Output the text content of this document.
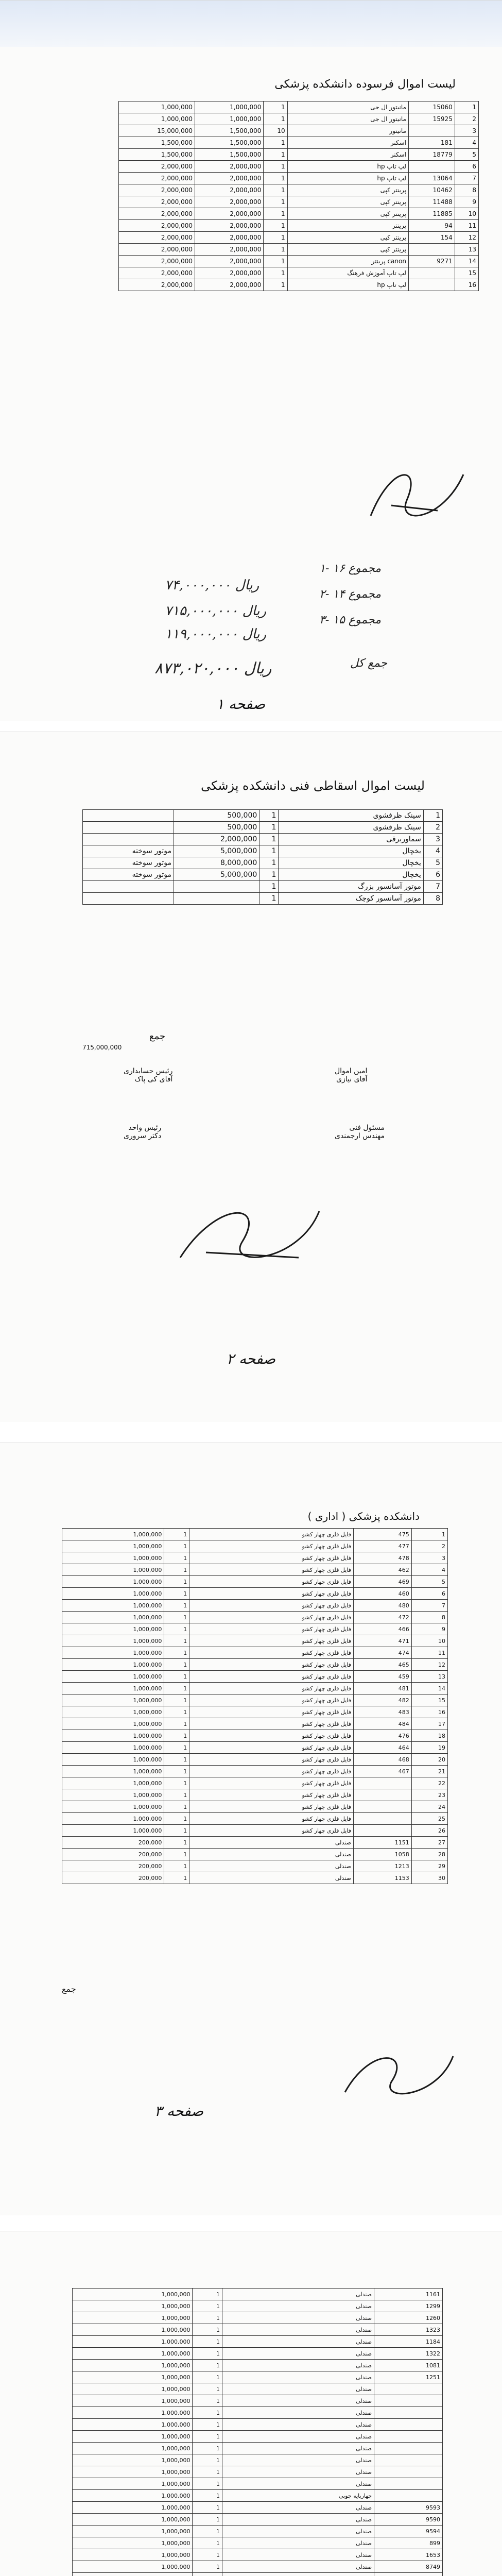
لیست اموال فرسوده دانشکده پزشکی
1	15060	مانیتور ال جی	1	1,000,000	1,000,000
2	15925	مانیتور ال جی	1	1,000,000	1,000,000
3		مانیتور	10	1,500,000	15,000,000
4	181	اسکنر	1	1,500,000	1,500,000
5	18779	اسکنر	1	1,500,000	1,500,000
6		لپ تاپ hp	1	2,000,000	2,000,000
7	13064	لپ تاپ hp	1	2,000,000	2,000,000
8	10462	پرینتر کپی	1	2,000,000	2,000,000
9	11488	پرینتر کپی	1	2,000,000	2,000,000
10	11885	پرینتر کپی	1	2,000,000	2,000,000
11	94	پرینتر	1	2,000,000	2,000,000
12	154	پرینتر کپی	1	2,000,000	2,000,000
13		پرینتر کپی	1	2,000,000	2,000,000
14	9271	canon پرینتر	1	2,000,000	2,000,000
15		لپ تاپ آموزش فرهنگ	1	2,000,000	2,000,000
16		لپ تاپ hp	1	2,000,000	2,000,000
۷۴,۰۰۰,۰۰۰ ریال
۱- مجموع ۱۶
۷۱۵,۰۰۰,۰۰۰ ریال
۲- مجموع ۱۴
۱۱۹,۰۰۰,۰۰۰ ریال
۳- مجموع ۱۵
۸۷۳,۰۲۰,۰۰۰ ریال	جمع کل
صفحه ۱
لیست اموال اسقاطی فنی دانشکده پزشکی
1	سینک ظرفشوی	1	500,000	
2	سینک ظرفشوی	1	500,000	
3	سماوربرقی	1	2,000,000	
4	یخچال	1	5,000,000	موتور سوخته
5	یخچال	1	8,000,000	موتور سوخته
6	یخچال	1	5,000,000	موتور سوخته
7	موتور آسانسور بزرگ	1		
8	موتور آسانسور کوچک	1		
جمع
715,000,000
امین اموال
آقای نیازی
رئیس حسابداری
آقای کی پاک
مسئول فنی
مهندس ارجمندی
رئیس واحد
دکتر سروری
صفحه ۲
دانشکده پزشکی ( اداری )
1	475	فایل فلزی چهار کشو	1	1,000,000
2	477	فایل فلزی چهار کشو	1	1,000,000
3	478	فایل فلزی چهار کشو	1	1,000,000
4	462	فایل فلزی چهار کشو	1	1,000,000
5	469	فایل فلزی چهار کشو	1	1,000,000
6	460	فایل فلزی چهار کشو	1	1,000,000
7	480	فایل فلزی چهار کشو	1	1,000,000
8	472	فایل فلزی چهار کشو	1	1,000,000
9	466	فایل فلزی چهار کشو	1	1,000,000
10	471	فایل فلزی چهار کشو	1	1,000,000
11	474	فایل فلزی چهار کشو	1	1,000,000
12	465	فایل فلزی چهار کشو	1	1,000,000
13	459	فایل فلزی چهار کشو	1	1,000,000
14	481	فایل فلزی چهار کشو	1	1,000,000
15	482	فایل فلزی چهار کشو	1	1,000,000
16	483	فایل فلزی چهار کشو	1	1,000,000
17	484	فایل فلزی چهار کشو	1	1,000,000
18	476	فایل فلزی چهار کشو	1	1,000,000
19	464	فایل فلزی چهار کشو	1	1,000,000
20	468	فایل فلزی چهار کشو	1	1,000,000
21	467	فایل فلزی چهار کشو	1	1,000,000
22		فایل فلزی چهار کشو	1	1,000,000
23		فایل فلزی چهار کشو	1	1,000,000
24		فایل فلزی چهار کشو	1	1,000,000
25		فایل فلزی چهار کشو	1	1,000,000
26		فایل فلزی چهار کشو	1	1,000,000
27	1151	صندلی	1	200,000
28	1058	صندلی	1	200,000
29	1213	صندلی	1	200,000
30	1153	صندلی	1	200,000
جمع
صفحه ۳
1161	صندلی	1	1,000,000
1299	صندلی	1	1,000,000
1260	صندلی	1	1,000,000
1323	صندلی	1	1,000,000
1184	صندلی	1	1,000,000
1322	صندلی	1	1,000,000
1081	صندلی	1	1,000,000
1251	صندلی	1	1,000,000
	صندلی	1	1,000,000
	صندلی	1	1,000,000
	صندلی	1	1,000,000
	صندلی	1	1,000,000
	صندلی	1	1,000,000
	صندلی	1	1,000,000
	صندلی	1	1,000,000
	صندلی	1	1,000,000
	صندلی	1	1,000,000
	چهارپایه چوبی	1	1,000,000
9593	صندلی	1	1,000,000
9590	صندلی	1	1,000,000
9594	صندلی	1	1,000,000
899	صندلی	1	1,000,000
1653	صندلی	1	1,000,000
8749	صندلی	1	1,000,000
